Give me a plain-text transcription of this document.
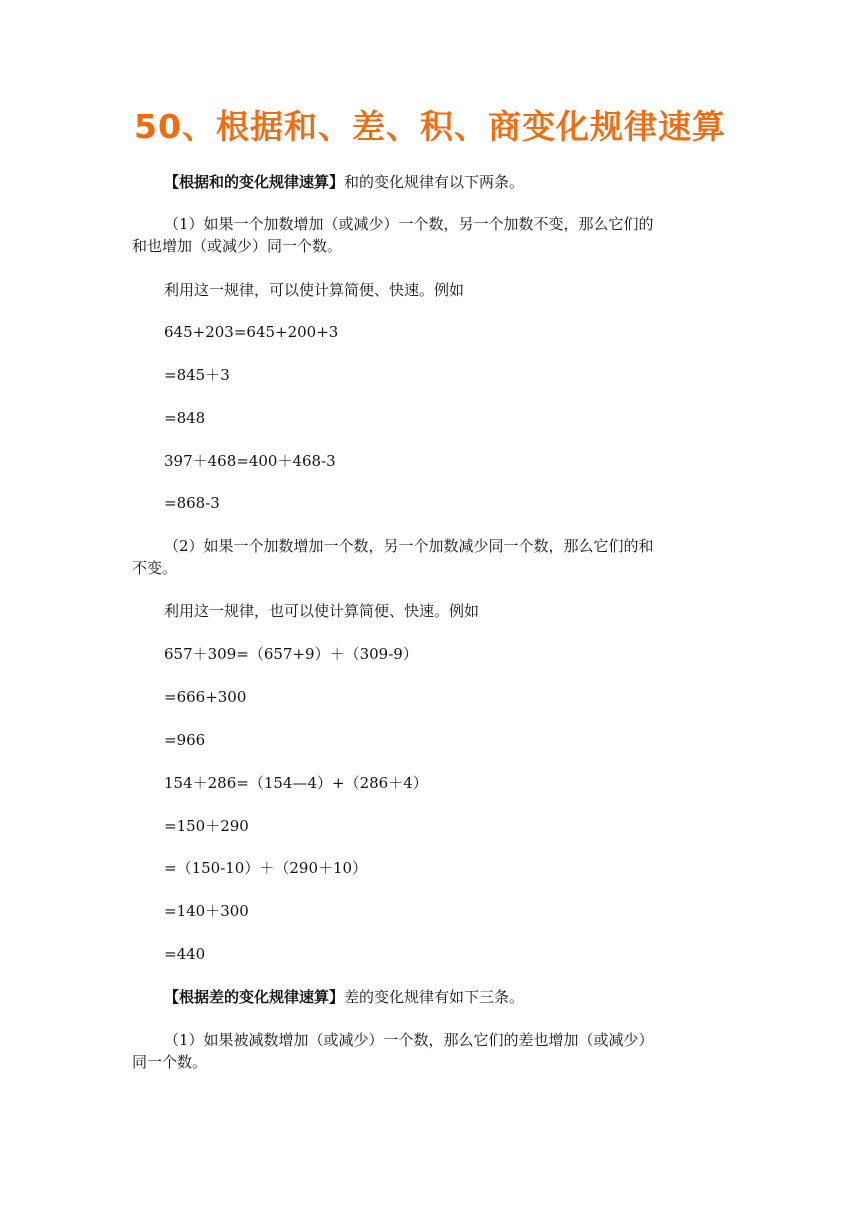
50、根据和、差、积、商变化规律速算

【根据和的变化规律速算】和的变化规律有以下两条。

（1）如果一个加数增加（或减少）一个数，另一个加数不变，那么它们的

和也增加（或减少）同一个数。

利用这一规律，可以使计算简便、快速。例如

645+203=645+200+3

=845＋3

=848

397＋468=400＋468-3

=868-3

（2）如果一个加数增加一个数，另一个加数减少同一个数，那么它们的和

不变。

利用这一规律，也可以使计算简便、快速。例如

657＋309=（657+9）＋（309-9）

=666+300

=966

154＋286=（154—4）+（286＋4）

=150＋290

=（150-10）＋（290＋10）

=140＋300

=440

【根据差的变化规律速算】差的变化规律有如下三条。

（1）如果被减数增加（或减少）一个数，那么它们的差也增加（或减少）

同一个数。
